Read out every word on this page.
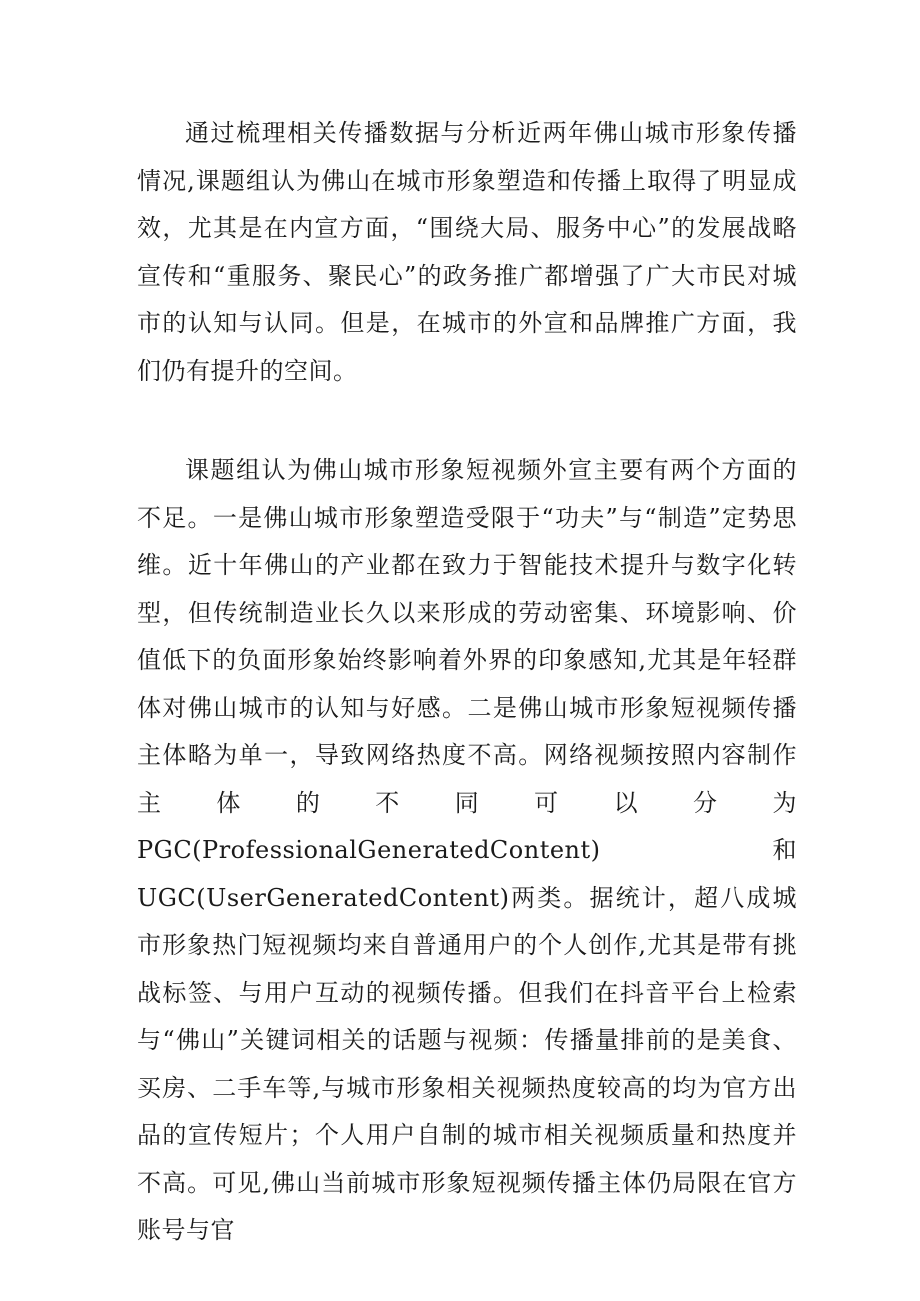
通过梳理相关传播数据与分析近两年佛山城市形象传播情况,课题组认为佛山在城市形象塑造和传播上取得了明显成效，尤其是在内宣方面，“围绕大局、服务中心”的发展战略宣传和“重服务、聚民心”的政务推广都增强了广大市民对城市的认知与认同。但是，在城市的外宣和品牌推广方面，我们仍有提升的空间。

课题组认为佛山城市形象短视频外宣主要有两个方面的不足。一是佛山城市形象塑造受限于“功夫”与“制造”定势思维。近十年佛山的产业都在致力于智能技术提升与数字化转型，但传统制造业长久以来形成的劳动密集、环境影响、价值低下的负面形象始终影响着外界的印象感知,尤其是年轻群体对佛山城市的认知与好感。二是佛山城市形象短视频传播主体略为单一，导致网络热度不高。网络视频按照内容制作主体的不同可以分为 PGC(ProfessionalGeneratedContent)和UGC(UserGeneratedContent)两类。据统计，超八成城市形象热门短视频均来自普通用户的个人创作,尤其是带有挑战标签、与用户互动的视频传播。但我们在抖音平台上检索与“佛山”关键词相关的话题与视频：传播量排前的是美食、买房、二手车等,与城市形象相关视频热度较高的均为官方出品的宣传短片；个人用户自制的城市相关视频质量和热度并不高。可见,佛山当前城市形象短视频传播主体仍局限在官方账号与官
